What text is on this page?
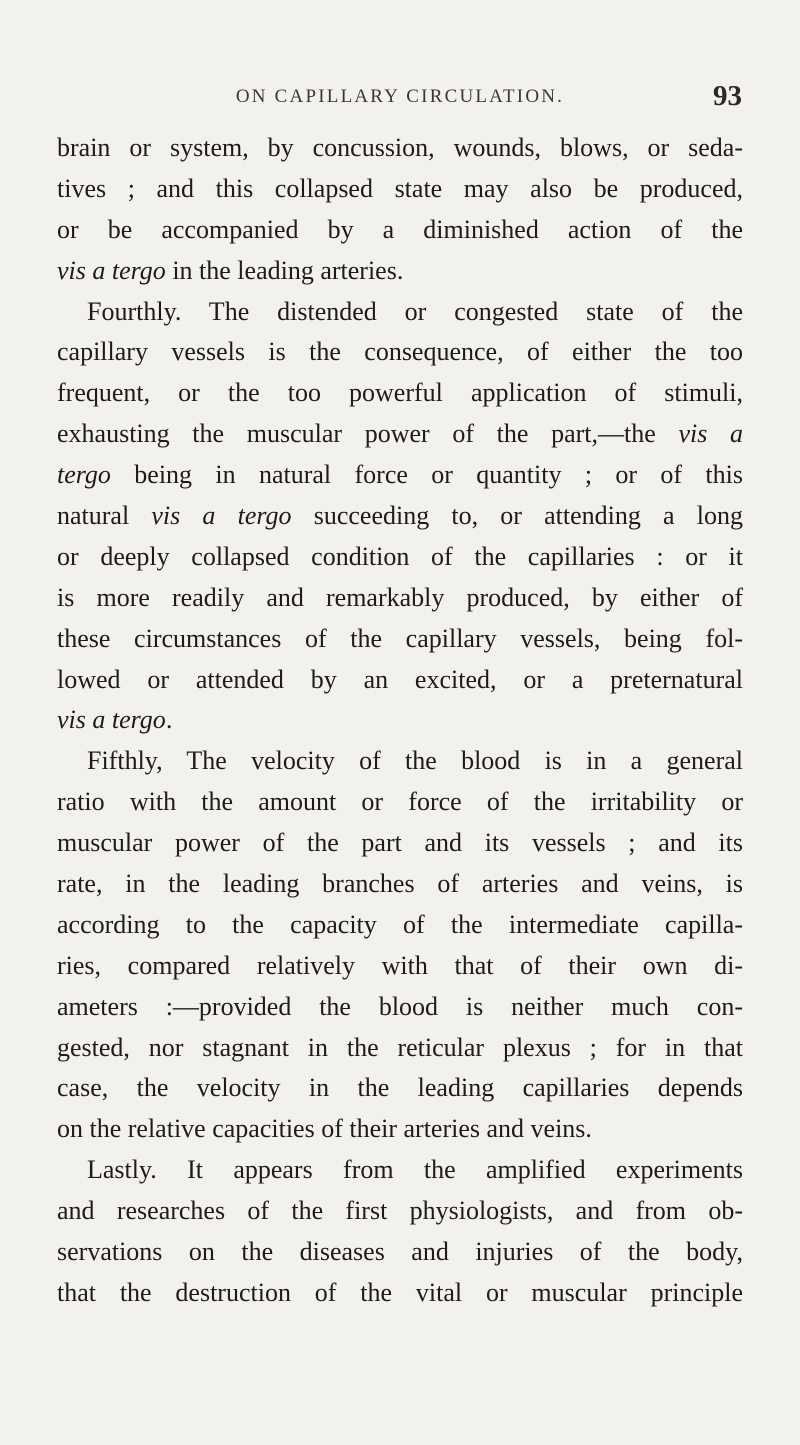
ON CAPILLARY CIRCULATION.	93
brain or system, by concussion, wounds, blows, or seda-
tives ; and this collapsed state may also be produced,
or be accompanied by a diminished action of the
vis a tergo in the leading arteries.
Fourthly. The distended or congested state of the
capillary vessels is the consequence, of either the too
frequent, or the too powerful application of stimuli,
exhausting the muscular power of the part,—the vis a
tergo being in natural force or quantity ; or of this
natural vis a tergo succeeding to, or attending a long
or deeply collapsed condition of the capillaries : or it
is more readily and remarkably produced, by either of
these circumstances of the capillary vessels, being fol-
lowed or attended by an excited, or a preternatural
vis a tergo.
Fifthly, The velocity of the blood is in a general
ratio with the amount or force of the irritability or
muscular power of the part and its vessels ; and its
rate, in the leading branches of arteries and veins, is
according to the capacity of the intermediate capilla-
ries, compared relatively with that of their own di-
ameters :—provided the blood is neither much con-
gested, nor stagnant in the reticular plexus ; for in that
case, the velocity in the leading capillaries depends
on the relative capacities of their arteries and veins.
Lastly. It appears from the amplified experiments
and researches of the first physiologists, and from ob-
servations on the diseases and injuries of the body,
that the destruction of the vital or muscular principle
